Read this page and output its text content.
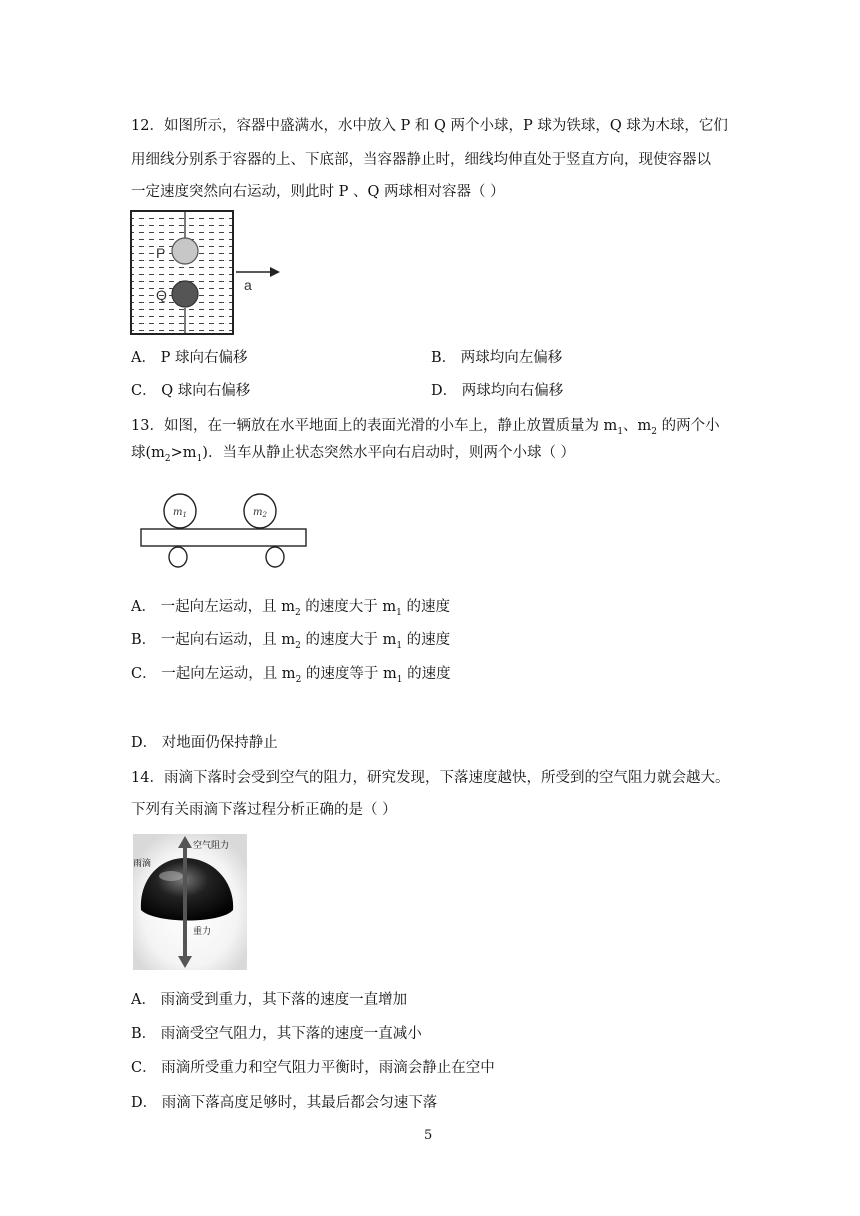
12．如图所示，容器中盛满水，水中放入 P 和 Q 两个小球，P 球为铁球，Q 球为木球，它们
用细线分别系于容器的上、下底部，当容器静止时，细线均伸直处于竖直方向，现使容器以
一定速度突然向右运动，则此时 P 、Q 两球相对容器（ ）
P
Q
a
A． P 球向右偏移	B． 两球均向左偏移
C． Q 球向右偏移	D． 两球均向右偏移
13．如图，在一辆放在水平地面上的表面光滑的小车上，静止放置质量为 $m_1$、$m_2$ 的两个小
球$(m_2>m_1)$．当车从静止状态突然水平向右启动时，则两个小球（ ）
$m_1$	$m_2$
A． 一起向左运动，且 $m_2$ 的速度大于 $m_1$ 的速度
B． 一起向右运动，且 $m_2$ 的速度大于 $m_1$ 的速度
C． 一起向左运动，且 $m_2$ 的速度等于 $m_1$ 的速度
D． 对地面仍保持静止
14．雨滴下落时会受到空气的阻力，研究发现，下落速度越快，所受到的空气阻力就会越大。
下列有关雨滴下落过程分析正确的是（ ）
雨滴
空气阻力
重力
A． 雨滴受到重力，其下落的速度一直增加
B． 雨滴受空气阻力，其下落的速度一直减小
C． 雨滴所受重力和空气阻力平衡时，雨滴会静止在空中
D． 雨滴下落高度足够时，其最后都会匀速下落
5
